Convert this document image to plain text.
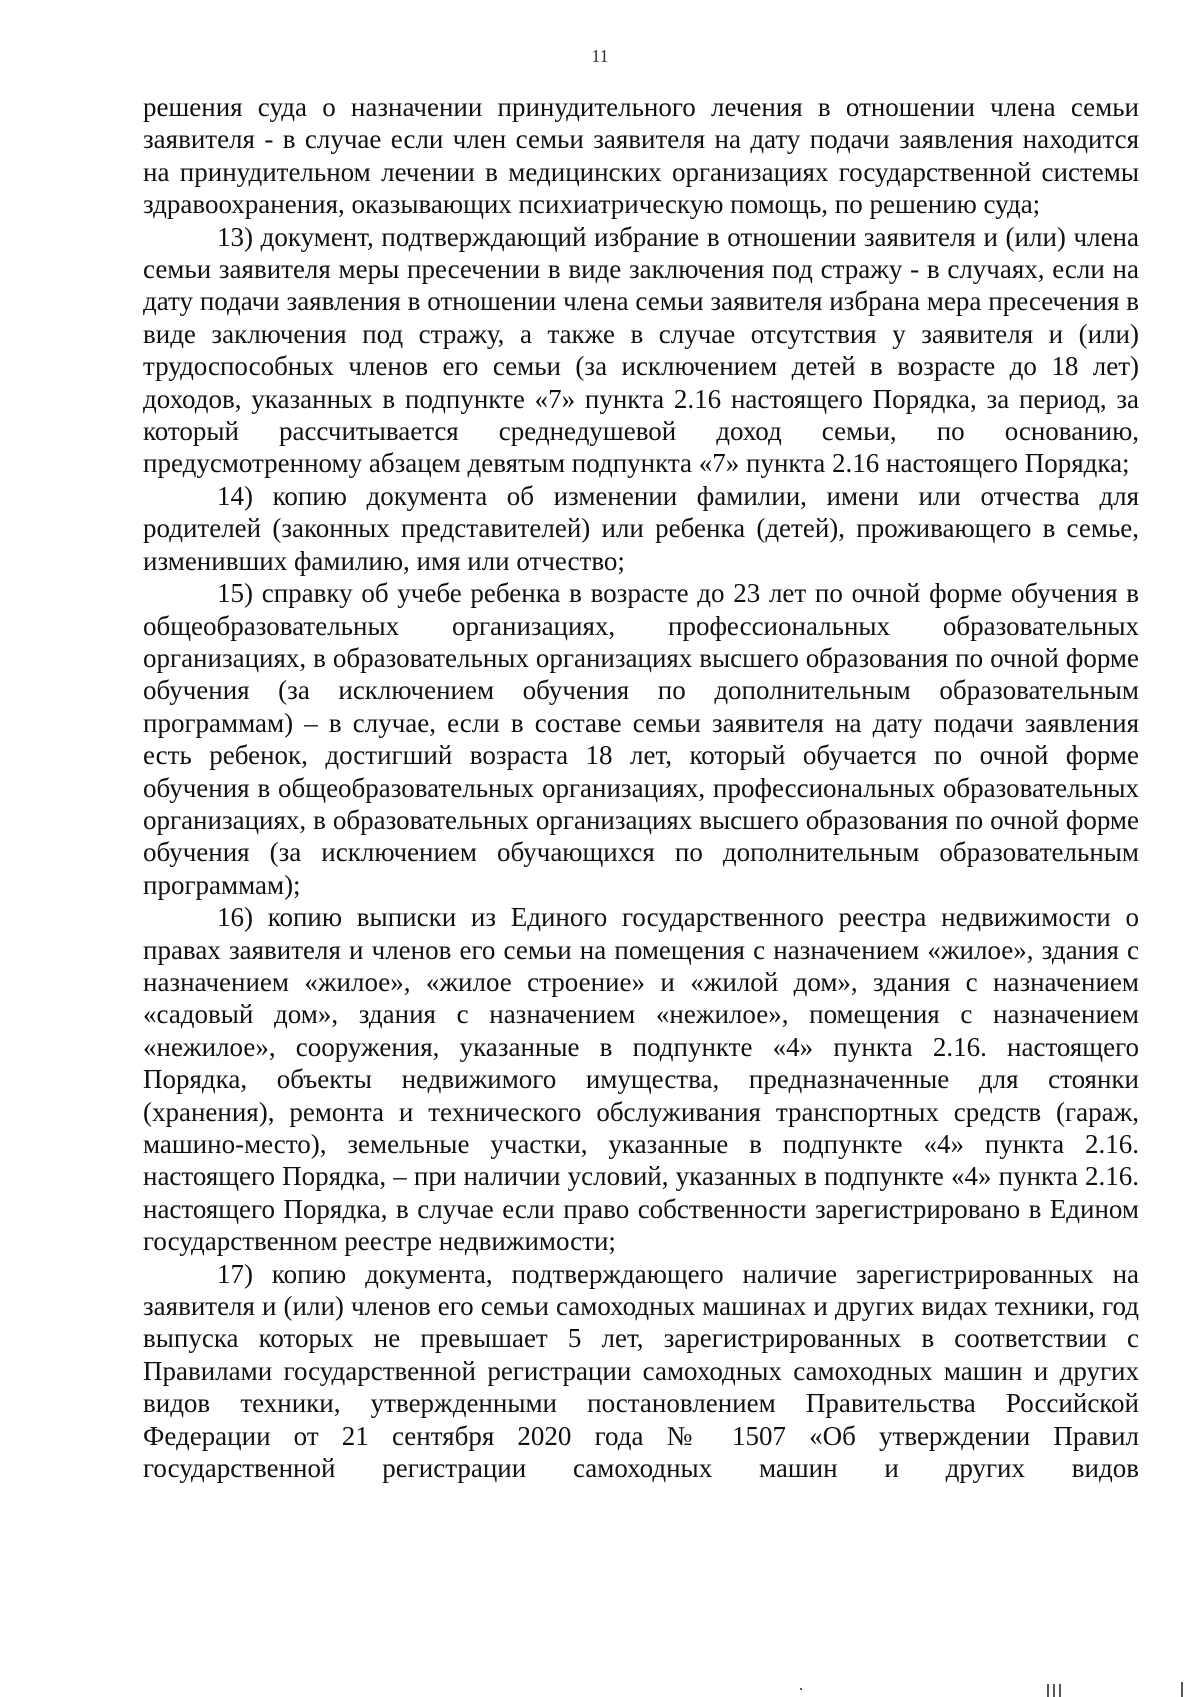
11

решения суда о назначении принудительного лечения в отношении члена семьи заявителя - в случае если член семьи заявителя на дату подачи заявления находится на принудительном лечении в медицинских организациях государственной системы здравоохранения, оказывающих психиатрическую помощь, по решению суда;

13) документ, подтверждающий избрание в отношении заявителя и (или) члена семьи заявителя меры пресечении в виде заключения под стражу - в случаях, если на дату подачи заявления в отношении члена семьи заявителя избрана мера пресечения в виде заключения под стражу, а также в случае отсутствия у заявителя и (или) трудоспособных членов его семьи (за исключением детей в возрасте до 18 лет) доходов, указанных в подпункте «7» пункта 2.16 настоящего Порядка, за период, за который рассчитывается среднедушевой доход семьи, по основанию, предусмотренному абзацем девятым подпункта «7» пункта 2.16 настоящего Порядка;

14) копию документа об изменении фамилии, имени или отчества для родителей (законных представителей) или ребенка (детей), проживающего в семье, изменивших фамилию, имя или отчество;

15) справку об учебе ребенка в возрасте до 23 лет по очной форме обучения в общеобразовательных организациях, профессиональных образовательных организациях, в образовательных организациях высшего образования по очной форме обучения (за исключением обучения по дополнительным образовательным программам) – в случае, если в составе семьи заявителя на дату подачи заявления есть ребенок, достигший возраста 18 лет, который обучается по очной форме обучения в общеобразовательных организациях, профессиональных образовательных организациях, в образовательных организациях высшего образования по очной форме обучения (за исключением обучающихся по дополнительным образовательным программам);

16) копию выписки из Единого государственного реестра недвижимости о правах заявителя и членов его семьи на помещения с назначением «жилое», здания с назначением «жилое», «жилое строение» и «жилой дом», здания с назначением «садовый дом», здания с назначением «нежилое», помещения с назначением «нежилое», сооружения, указанные в подпункте «4» пункта 2.16. настоящего Порядка, объекты недвижимого имущества, предназначенные для стоянки (хранения), ремонта и технического обслуживания транспортных средств (гараж, машино-место), земельные участки, указанные в подпункте «4» пункта 2.16. настоящего Порядка, – при наличии условий, указанных в подпункте «4» пункта 2.16. настоящего Порядка, в случае если право собственности зарегистрировано в Едином государственном реестре недвижимости;

17) копию документа, подтверждающего наличие зарегистрированных на заявителя и (или) членов его семьи самоходных машинах и других видах техники, год выпуска которых не превышает 5 лет, зарегистрированных в соответствии с Правилами государственной регистрации самоходных самоходных машин и других видов техники, утвержденными постановлением Правительства Российской Федерации от 21 сентября 2020 года № 1507 «Об утверждении Правил государственной регистрации самоходных машин и других видов
